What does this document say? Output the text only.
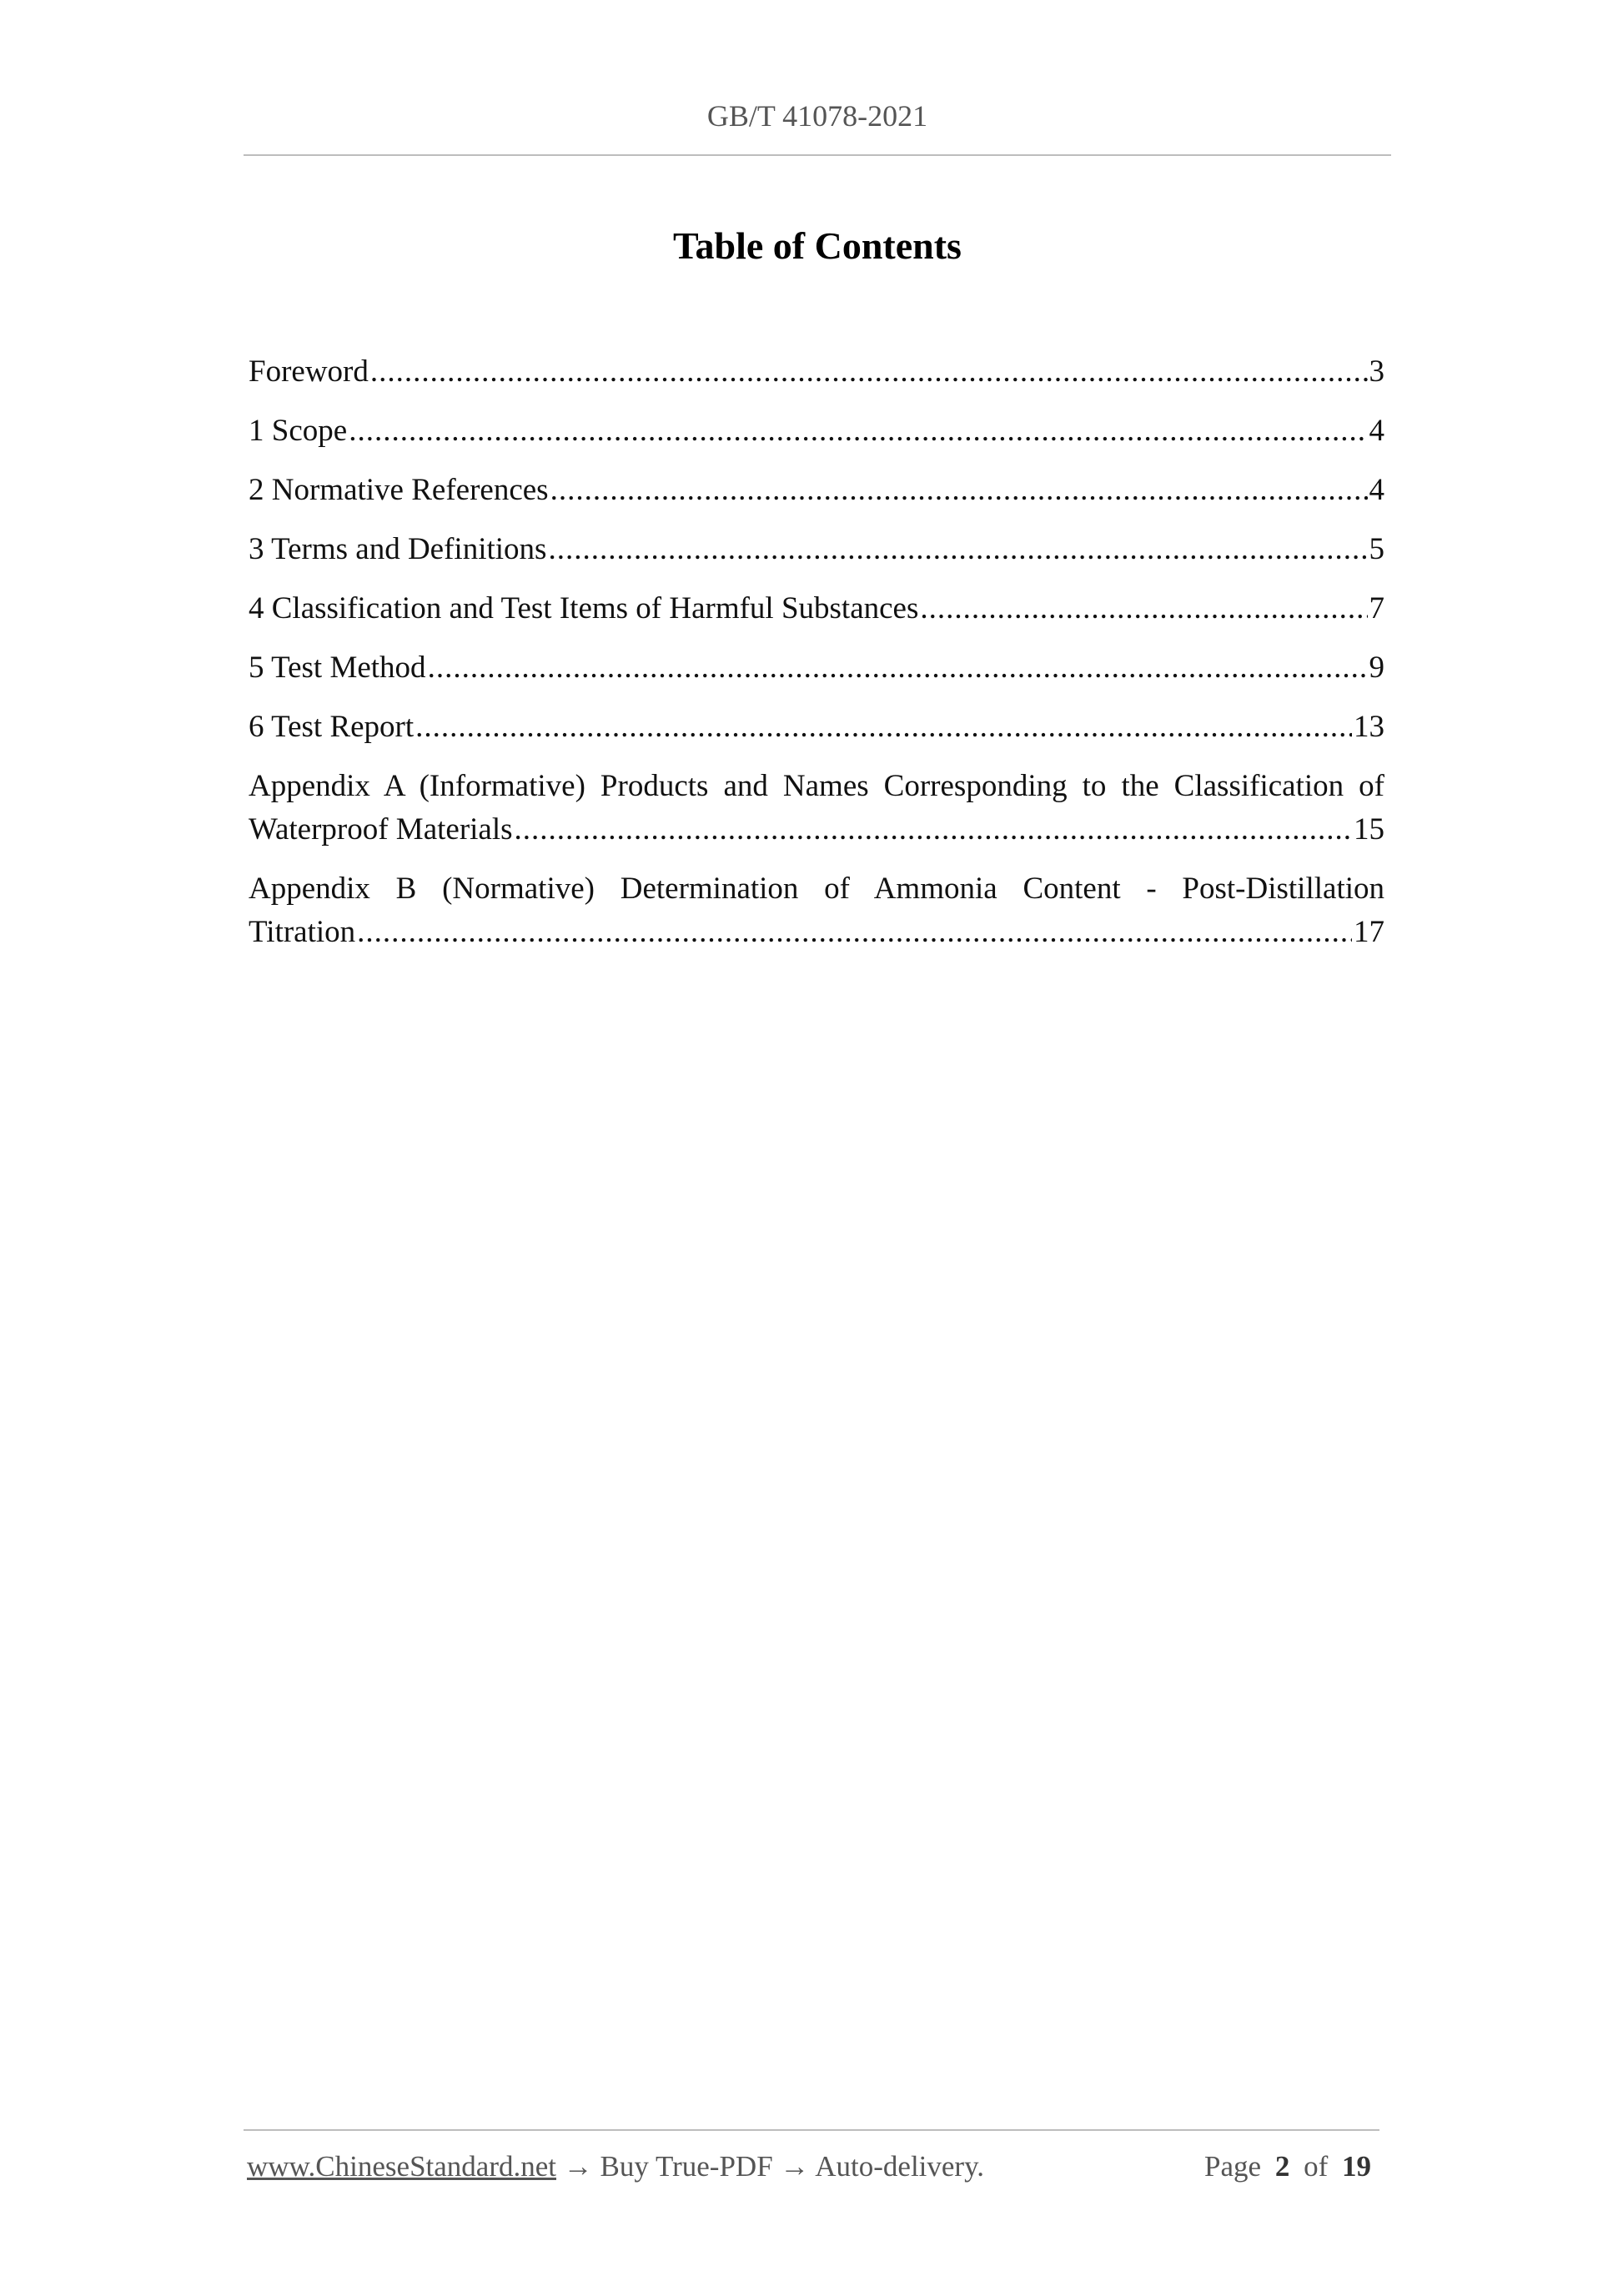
GB/T 41078-2021
Table of Contents
Foreword .....	3
1 Scope .....	4
2 Normative References .....	4
3 Terms and Definitions .....	5
4 Classification and Test Items of Harmful Substances .....	7
5 Test Method .....	9
6 Test Report .....	13
Appendix A (Informative) Products and Names Corresponding to the Classification of
Waterproof Materials .....	15
Appendix B (Normative) Determination of Ammonia Content - Post-Distillation
Titration .....	17
www.ChineseStandard.net → Buy True-PDF → Auto-delivery.	Page 2 of 19
